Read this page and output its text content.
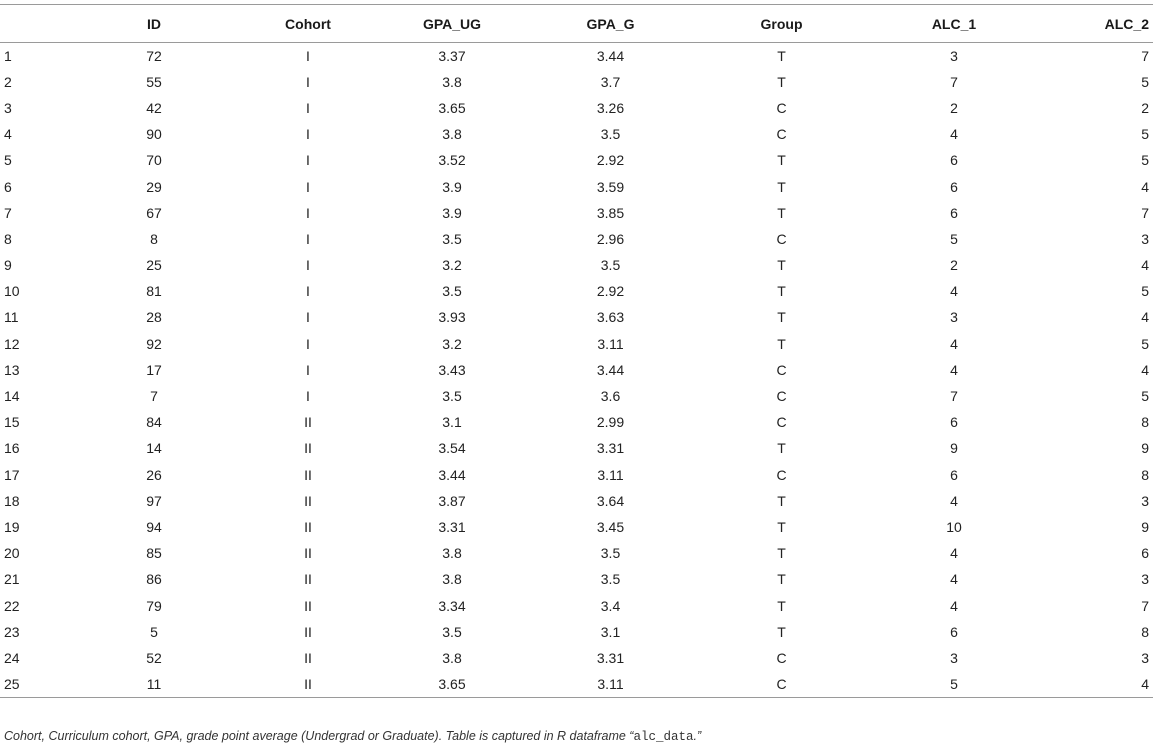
	ID	Cohort	GPA_UG	GPA_G	Group	ALC_1	ALC_2
1	72	I	3.37	3.44	T	3	7
2	55	I	3.8	3.7	T	7	5
3	42	I	3.65	3.26	C	2	2
4	90	I	3.8	3.5	C	4	5
5	70	I	3.52	2.92	T	6	5
6	29	I	3.9	3.59	T	6	4
7	67	I	3.9	3.85	T	6	7
8	8	I	3.5	2.96	C	5	3
9	25	I	3.2	3.5	T	2	4
10	81	I	3.5	2.92	T	4	5
11	28	I	3.93	3.63	T	3	4
12	92	I	3.2	3.11	T	4	5
13	17	I	3.43	3.44	C	4	4
14	7	I	3.5	3.6	C	7	5
15	84	II	3.1	2.99	C	6	8
16	14	II	3.54	3.31	T	9	9
17	26	II	3.44	3.11	C	6	8
18	97	II	3.87	3.64	T	4	3
19	94	II	3.31	3.45	T	10	9
20	85	II	3.8	3.5	T	4	6
21	86	II	3.8	3.5	T	4	3
22	79	II	3.34	3.4	T	4	7
23	5	II	3.5	3.1	T	6	8
24	52	II	3.8	3.31	C	3	3
25	11	II	3.65	3.11	C	5	4
Cohort, Curriculum cohort, GPA, grade point average (Undergrad or Graduate). Table is captured in R dataframe “alc_data.”
